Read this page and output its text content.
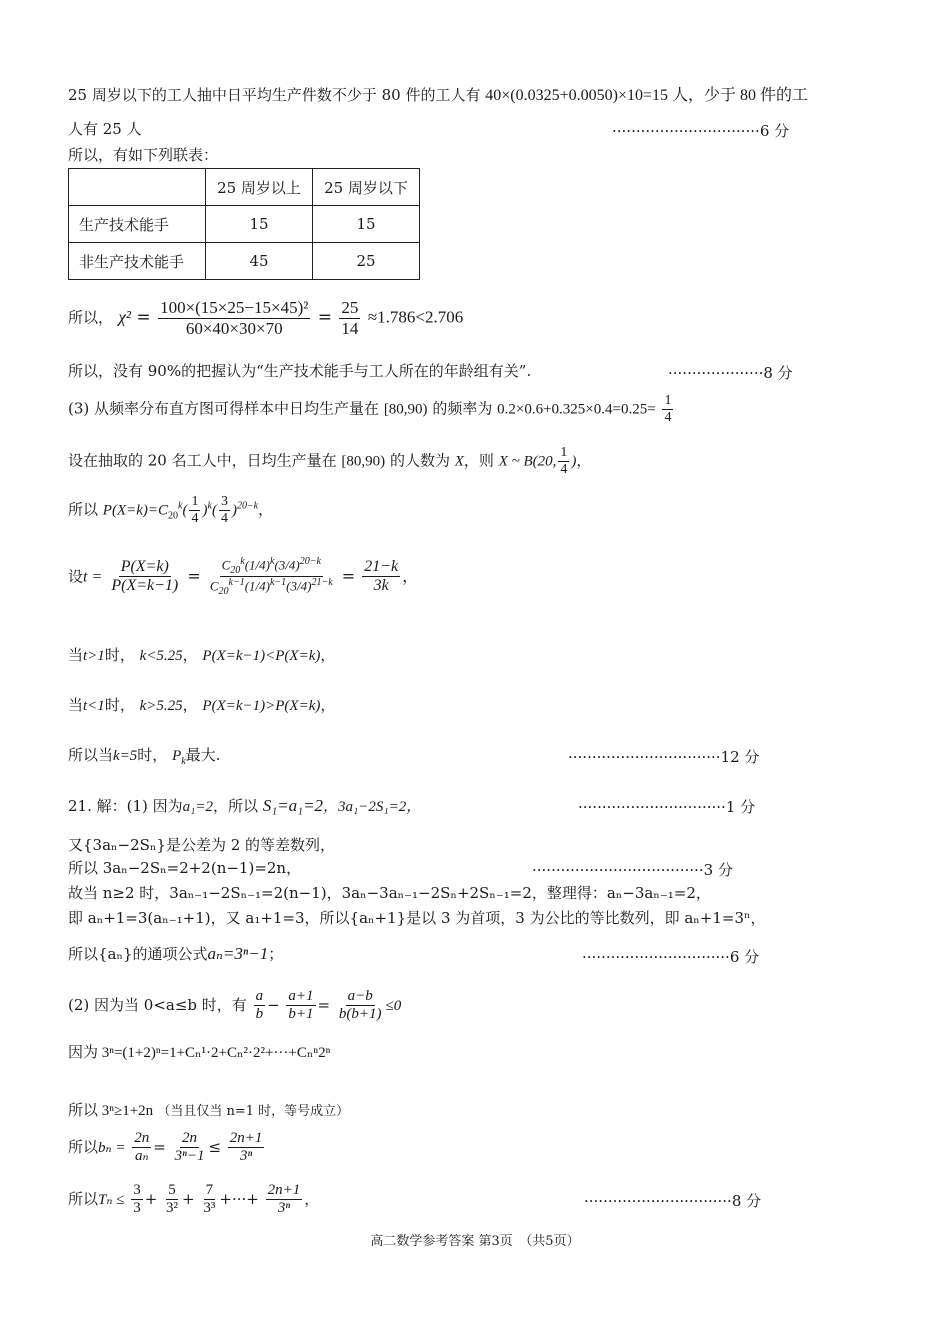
25 周岁以下的工人抽中日平均生产件数不少于 80 件的工人有 40×(0.0325+0.0050)×10=15 人，少于 80 件的工
人有 25 人	·······························6 分
所以，有如下列联表：
	25 周岁以上	25 周岁以下
生产技术能手	15	15
非生产技术能手	45	25
所以， $\chi^2 = \frac{\text{100×(15×25−15×45)²}}{60\times 40\times 30\times 70} = \frac{25}{14} \approx 1.786<2.706$
所以，没有 90%的把握认为“生产技术能手与工人所在的年龄组有关”.	····················8 分
(3) 从频率分布直方图可得样本中日均生产量在 [80,90) 的频率为 $0.2\times 0.6+0.325\times 0.4=0.25= \frac{1}{4}$
设在抽取的 20 名工人中，日均生产量在 [80,90) 的人数为 X，则 X ~ B(20, $\frac{1}{4}$ )，
所以 $P(X=k)=C_{20}^k( \frac{1}{4} )^k( \frac{3}{4} )^{20-k}$，
设$t = \frac{P(X=k)}{P(X=k-1)} = \frac{C_{20}^k(1/4)^k(3/4)^{20-k}}{C_{20}^{k-1}(1/4)^{k-1}(3/4)^{21-k}} = \frac{21-k}{3k}$ ，
当t>1时， k<5.25， P(X=k−1)<P(X=k)，
当t<1时， k>5.25， P(X=k−1)>P(X=k)，
所以当k=5时， $P_k$最大.	································12 分
21. 解：(1) 因为a₁=2，所以 S₁=a₁=2，3a₁−2S₁=2，	·······························1 分
又{3aₙ−2Sₙ}是公差为 2 的等差数列，
所以 3aₙ−2Sₙ=2+2(n−1)=2n，	····································3 分
故当 n≥2 时，3aₙ₋₁−2Sₙ₋₁=2(n−1)，3aₙ−3aₙ₋₁−2Sₙ+2Sₙ₋₁=2，整理得：aₙ−3aₙ₋₁=2，
即 aₙ+1=3(aₙ₋₁+1)，又 a₁+1=3，所以{aₙ+1}是以 3 为首项，3 为公比的等比数列，即 aₙ+1=3ⁿ，
所以{aₙ}的通项公式aₙ=3ⁿ−1；	·······························6 分
(2) 因为当 0<a≤b 时，有 $\frac{a}{b} - \frac{a+1}{b+1} = \frac{a-b}{b(b+1)} \le 0$
因为 3ⁿ=(1+2)ⁿ=1+Cₙ¹·2+Cₙ²·2²+···+Cₙⁿ2ⁿ
所以 3ⁿ≥1+2n （当且仅当 n=1 时，等号成立）
所以$b_n = \frac{2n}{\text{aₙ}} = \frac{2n}{\text{3ⁿ−1}} \le \frac{2n+1}{\text{3ⁿ}}$
所以$T_n \le \frac{3}{3} + \frac{5}{\text{3²}} + \frac{7}{\text{3³}}$ +···+ $\frac{2n+1}{\text{3ⁿ}}$ ，	·······························8 分
高二数学参考答案 第3页　（共5页）
